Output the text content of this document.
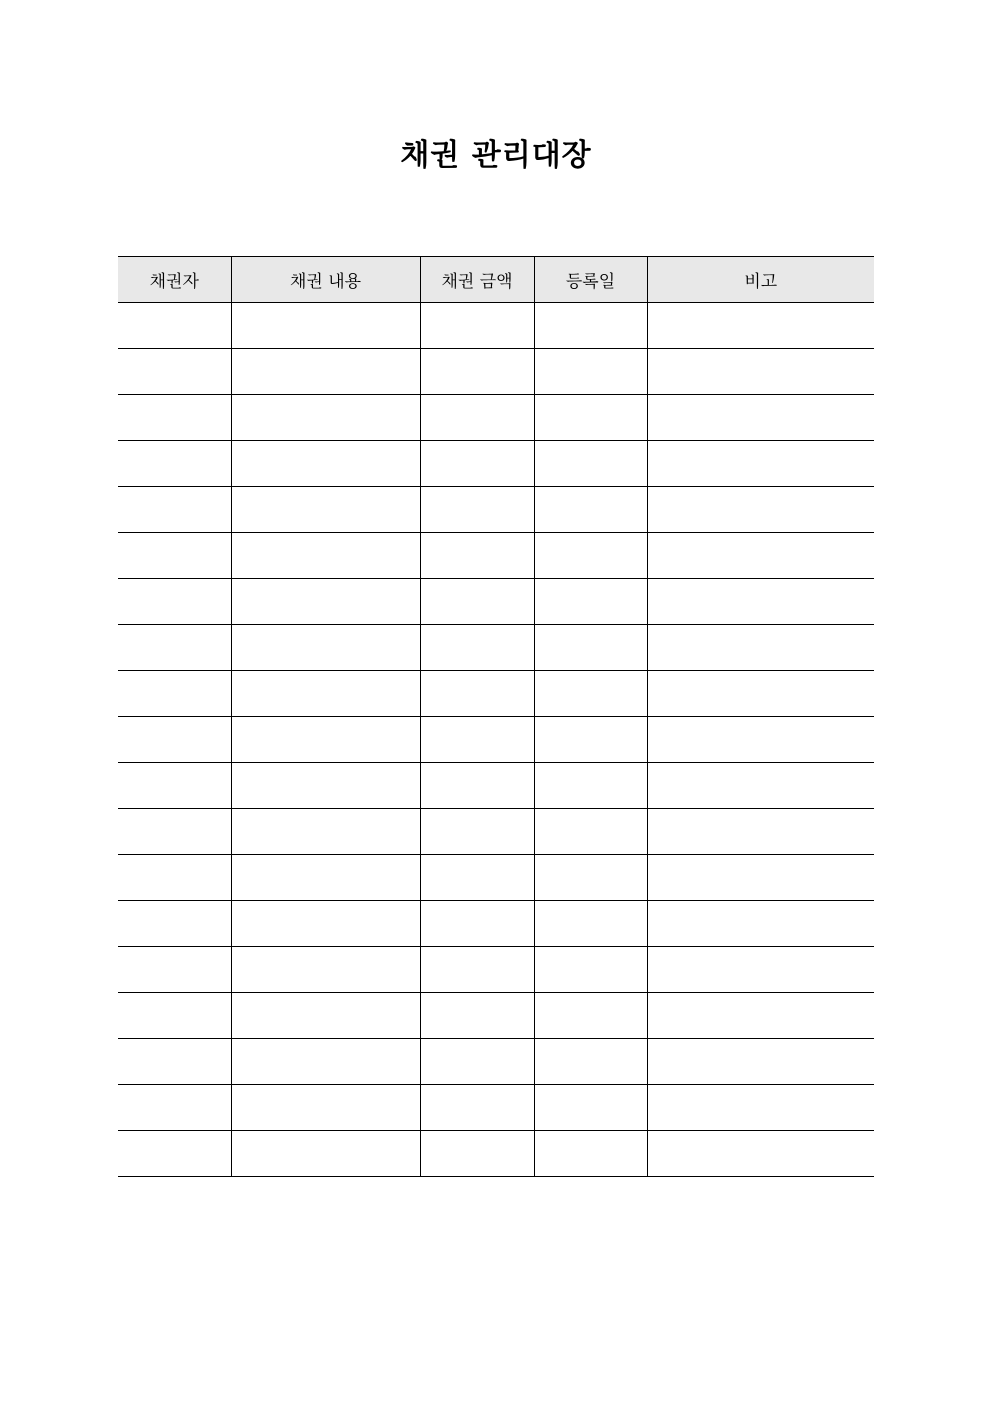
채권 관리대장
채권자	채권 내용	채권 금액	등록일	비고
